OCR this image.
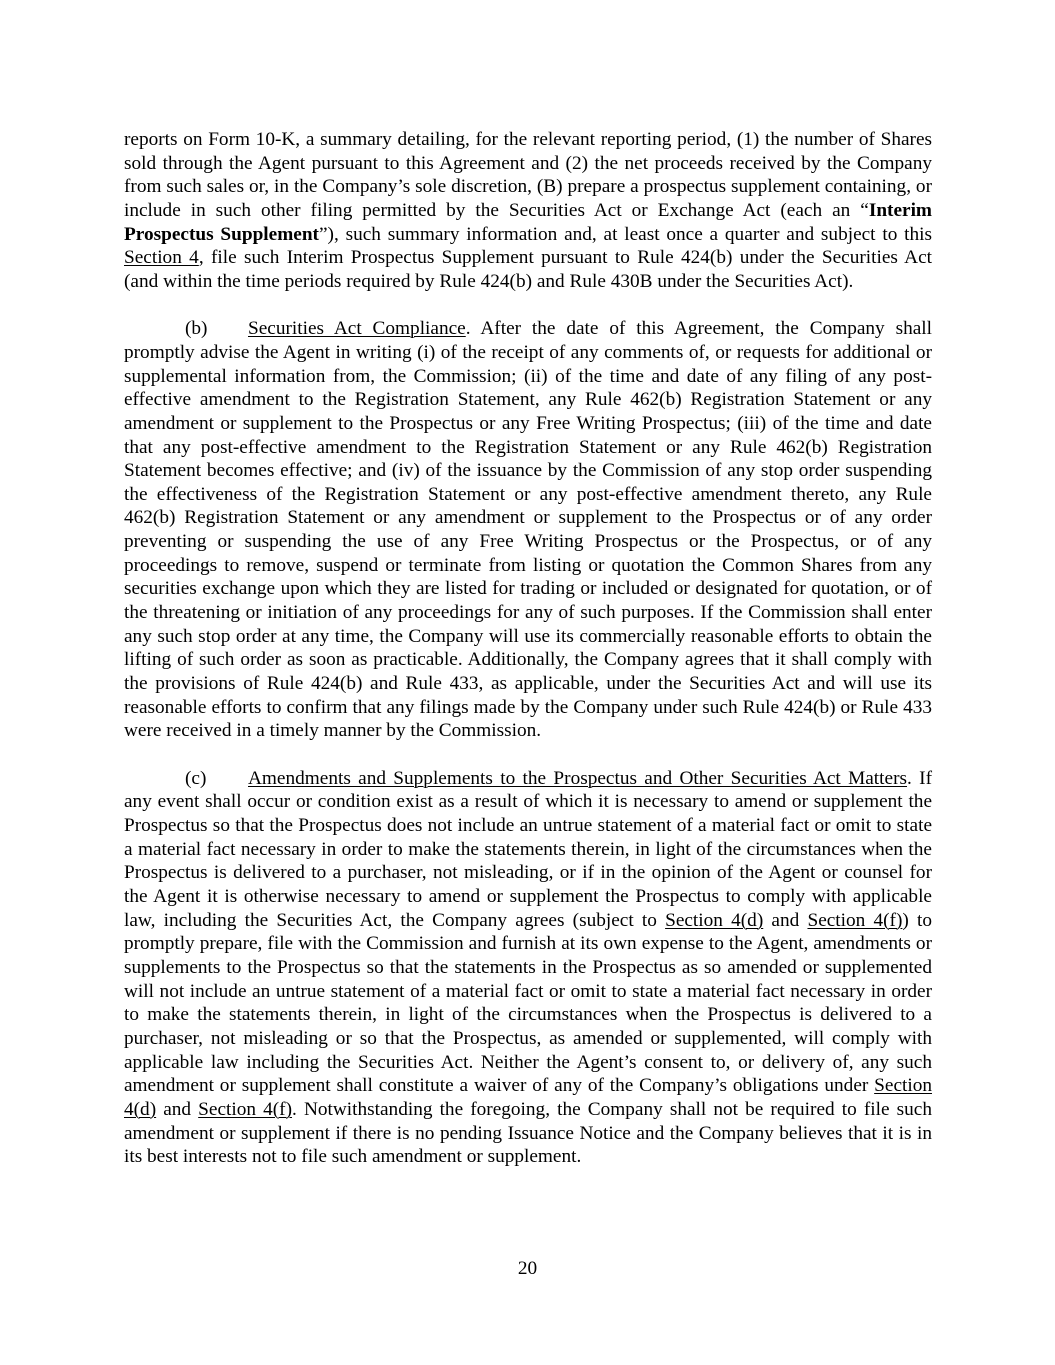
reports on Form 10-K, a summary detailing, for the relevant reporting period, (1) the number of Shares sold through the Agent pursuant to this Agreement and (2) the net proceeds received by the Company from such sales or, in the Company’s sole discretion, (B) prepare a prospectus supplement containing, or include in such other filing permitted by the Securities Act or Exchange Act (each an “Interim Prospectus Supplement”), such summary information and, at least once a quarter and subject to this Section 4, file such Interim Prospectus Supplement pursuant to Rule 424(b) under the Securities Act (and within the time periods required by Rule 424(b) and Rule 430B under the Securities Act).

(b) Securities Act Compliance. After the date of this Agreement, the Company shall promptly advise the Agent in writing (i) of the receipt of any comments of, or requests for additional or supplemental information from, the Commission; (ii) of the time and date of any filing of any post-effective amendment to the Registration Statement, any Rule 462(b) Registration Statement or any amendment or supplement to the Prospectus or any Free Writing Prospectus; (iii) of the time and date that any post-effective amendment to the Registration Statement or any Rule 462(b) Registration Statement becomes effective; and (iv) of the issuance by the Commission of any stop order suspending the effectiveness of the Registration Statement or any post-effective amendment thereto, any Rule 462(b) Registration Statement or any amendment or supplement to the Prospectus or of any order preventing or suspending the use of any Free Writing Prospectus or the Prospectus, or of any proceedings to remove, suspend or terminate from listing or quotation the Common Shares from any securities exchange upon which they are listed for trading or included or designated for quotation, or of the threatening or initiation of any proceedings for any of such purposes. If the Commission shall enter any such stop order at any time, the Company will use its commercially reasonable efforts to obtain the lifting of such order as soon as practicable. Additionally, the Company agrees that it shall comply with the provisions of Rule 424(b) and Rule 433, as applicable, under the Securities Act and will use its reasonable efforts to confirm that any filings made by the Company under such Rule 424(b) or Rule 433 were received in a timely manner by the Commission.

(c) Amendments and Supplements to the Prospectus and Other Securities Act Matters. If any event shall occur or condition exist as a result of which it is necessary to amend or supplement the Prospectus so that the Prospectus does not include an untrue statement of a material fact or omit to state a material fact necessary in order to make the statements therein, in light of the circumstances when the Prospectus is delivered to a purchaser, not misleading, or if in the opinion of the Agent or counsel for the Agent it is otherwise necessary to amend or supplement the Prospectus to comply with applicable law, including the Securities Act, the Company agrees (subject to Section 4(d) and Section 4(f)) to promptly prepare, file with the Commission and furnish at its own expense to the Agent, amendments or supplements to the Prospectus so that the statements in the Prospectus as so amended or supplemented will not include an untrue statement of a material fact or omit to state a material fact necessary in order to make the statements therein, in light of the circumstances when the Prospectus is delivered to a purchaser, not misleading or so that the Prospectus, as amended or supplemented, will comply with applicable law including the Securities Act. Neither the Agent’s consent to, or delivery of, any such amendment or supplement shall constitute a waiver of any of the Company’s obligations under Section 4(d) and Section 4(f). Notwithstanding the foregoing, the Company shall not be required to file such amendment or supplement if there is no pending Issuance Notice and the Company believes that it is in its best interests not to file such amendment or supplement.

20
